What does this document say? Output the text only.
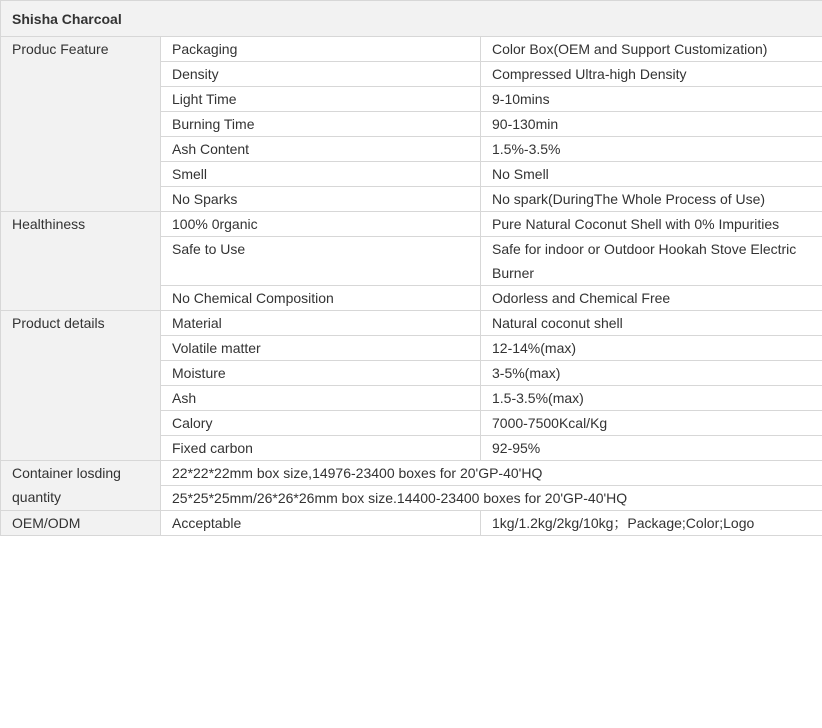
Shisha Charcoal		
Produc Feature	Packaging	Color Box(OEM and Support Customization)
	Density	Compressed Ultra-high Density
	Light Time	9-10mins
	Burning Time	90-130min
	Ash Content	1.5%-3.5%
	Smell	No Smell
	No Sparks	No spark(DuringThe Whole Process of Use)
Healthiness	100% 0rganic	Pure Natural Coconut Shell with 0% Impurities
	Safe to Use	Safe for indoor or Outdoor Hookah Stove Electric Burner
	No Chemical Composition	Odorless and Chemical Free
Product details	Material	Natural coconut shell
	Volatile matter	12-14%(max)
	Moisture	3-5%(max)
	Ash	1.5-3.5%(max)
	Calory	7000-7500Kcal/Kg
	Fixed carbon	92-95%
Container losding quantity	22*22*22mm box size,14976-23400 boxes for 20'GP-40'HQ	
	25*25*25mm/26*26*26mm box size.14400-23400 boxes for 20'GP-40'HQ	
OEM/ODM	Acceptable	1kg/1.2kg/2kg/10kg；Package;Color;Logo
